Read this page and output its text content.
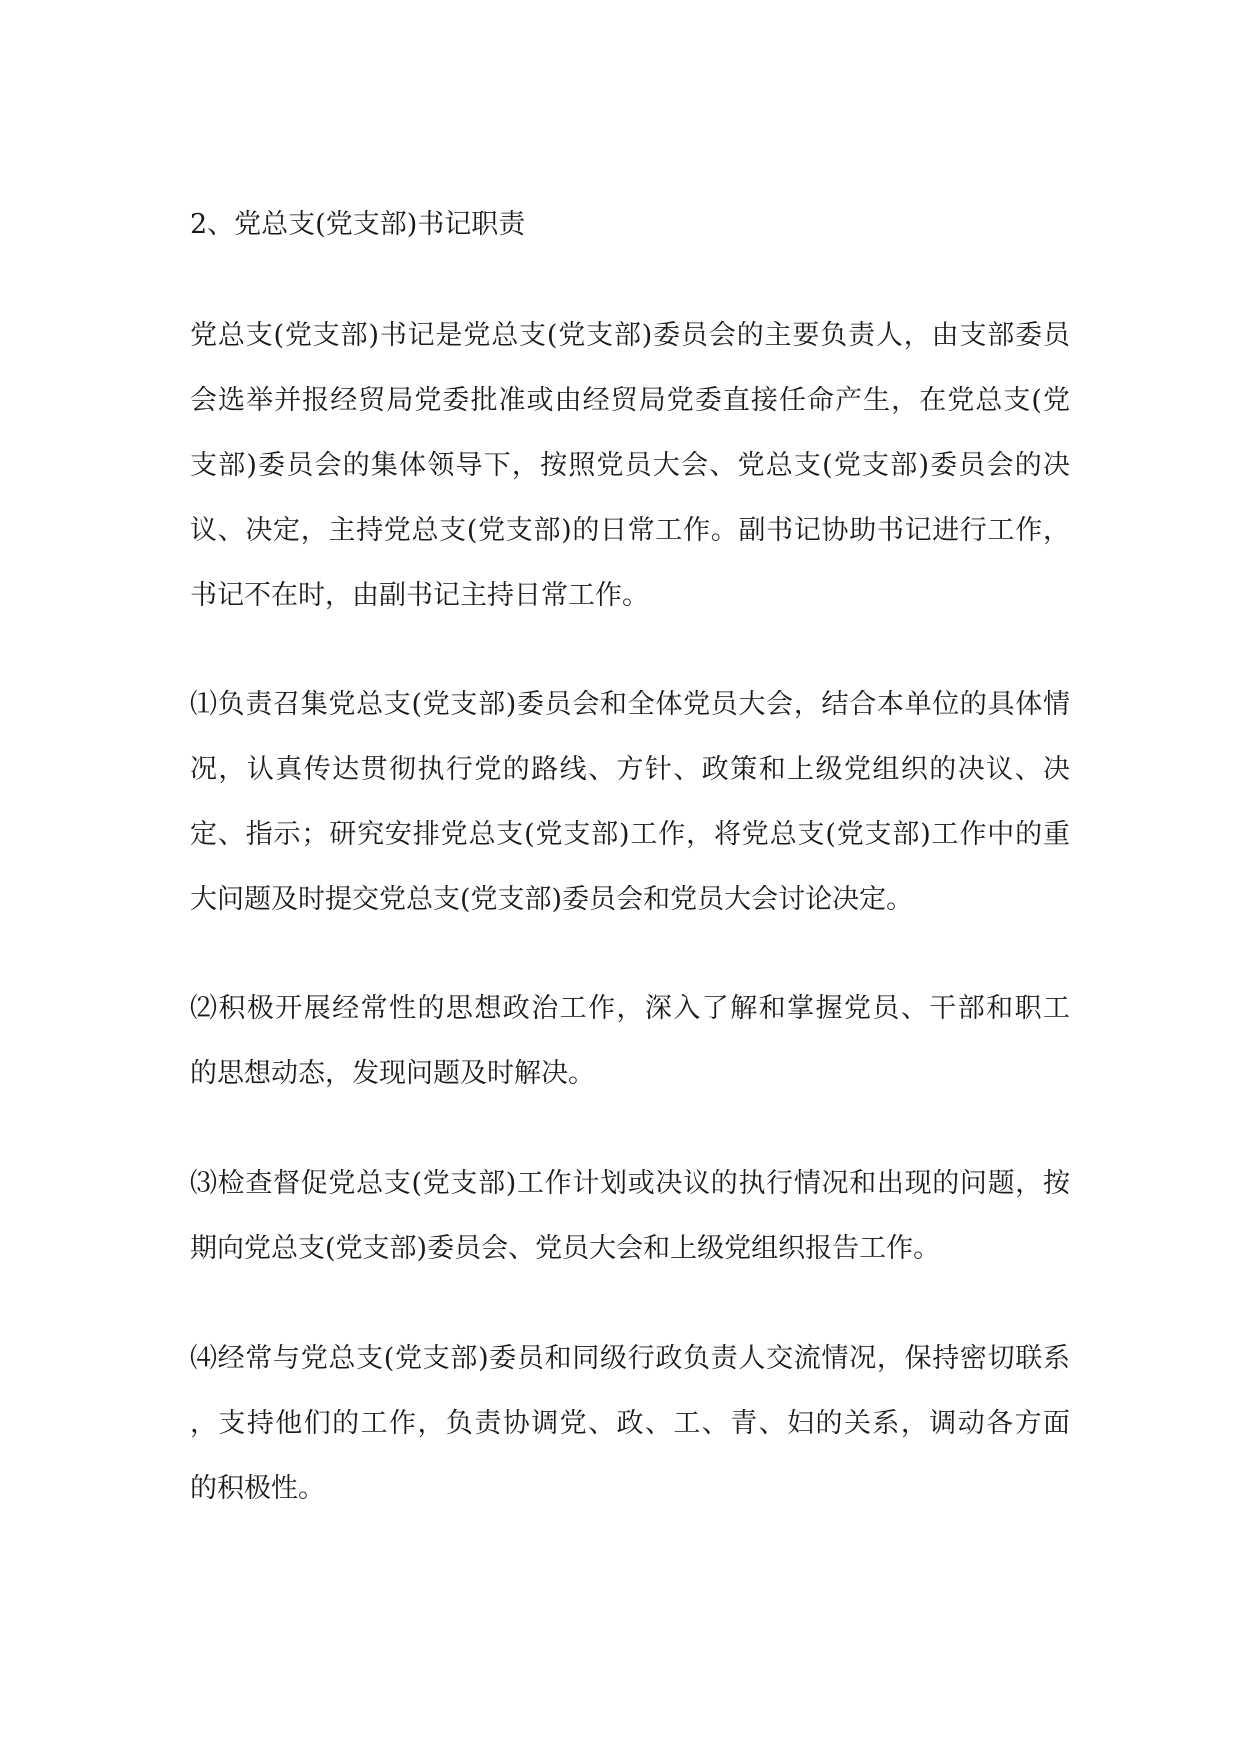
2、党总支(党支部)书记职责
党总支(党支部)书记是党总支(党支部)委员会的主要负责人，由支部委员
会选举并报经贸局党委批准或由经贸局党委直接任命产生，在党总支(党
支部)委员会的集体领导下，按照党员大会、党总支(党支部)委员会的决
议、决定，主持党总支(党支部)的日常工作。副书记协助书记进行工作，
书记不在时，由副书记主持日常工作。
⑴负责召集党总支(党支部)委员会和全体党员大会，结合本单位的具体情
况，认真传达贯彻执行党的路线、方针、政策和上级党组织的决议、决
定、指示；研究安排党总支(党支部)工作，将党总支(党支部)工作中的重
大问题及时提交党总支(党支部)委员会和党员大会讨论决定。
⑵积极开展经常性的思想政治工作，深入了解和掌握党员、干部和职工
的思想动态，发现问题及时解决。
⑶检查督促党总支(党支部)工作计划或决议的执行情况和出现的问题，按
期向党总支(党支部)委员会、党员大会和上级党组织报告工作。
⑷经常与党总支(党支部)委员和同级行政负责人交流情况，保持密切联系
，支持他们的工作，负责协调党、政、工、青、妇的关系，调动各方面
的积极性。
